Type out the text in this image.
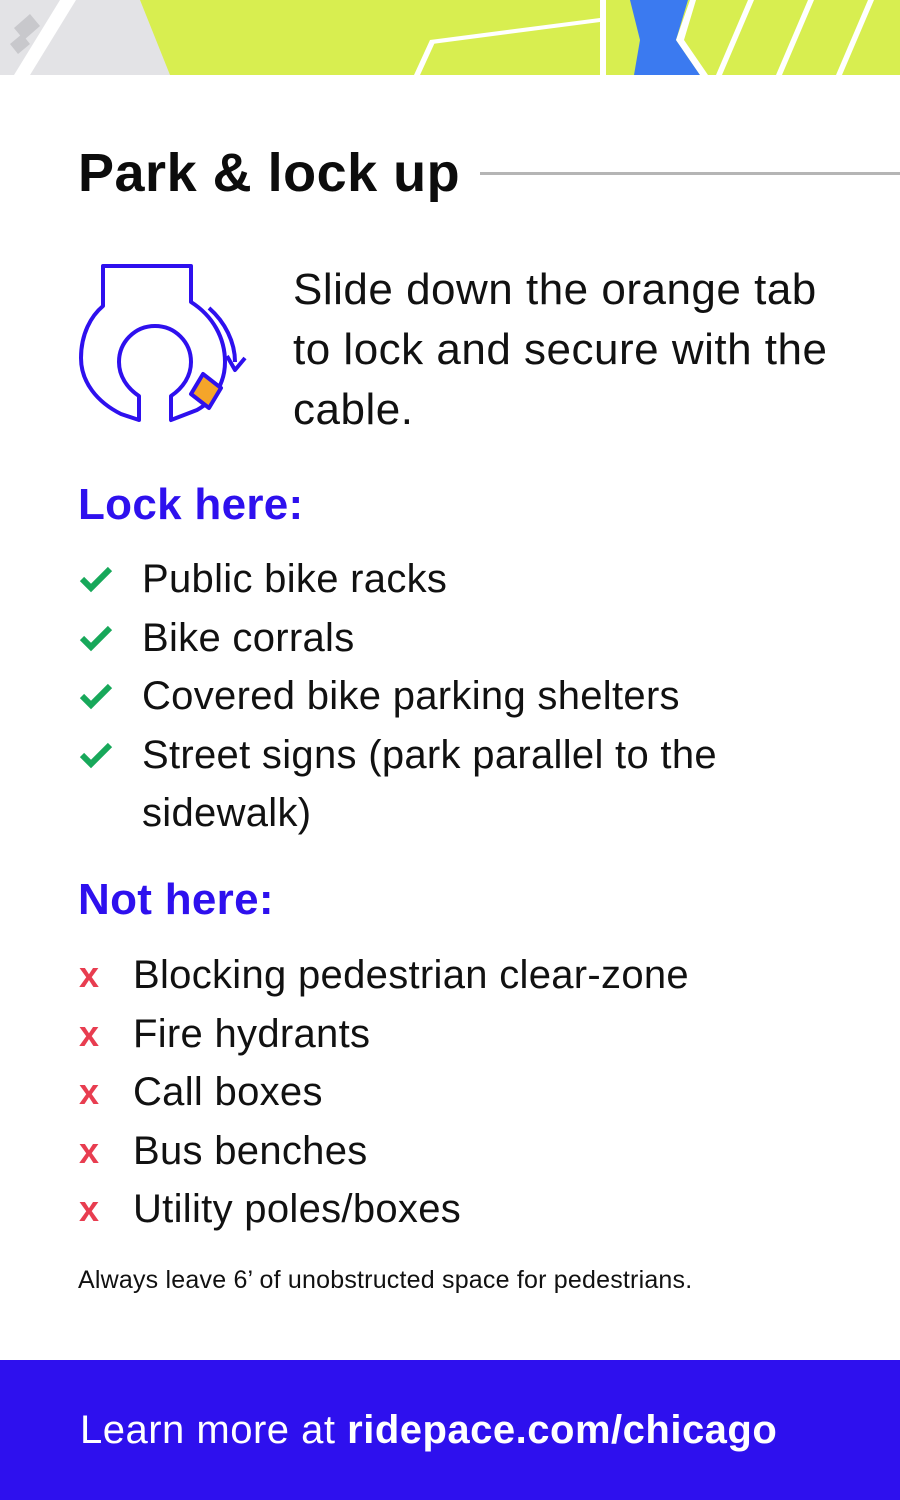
Park & lock up

Slide down the orange tab to lock and secure with the cable.

Lock here:
Public bike racks
Bike corrals
Covered bike parking shelters
Street signs (park parallel to the sidewalk)
Not here:
x Blocking pedestrian clear-zone
x Fire hydrants
x Call boxes
x Bus benches
x Utility poles/boxes

Always leave 6’ of unobstructed space for pedestrians.

Learn more at ridepace.com/chicago
